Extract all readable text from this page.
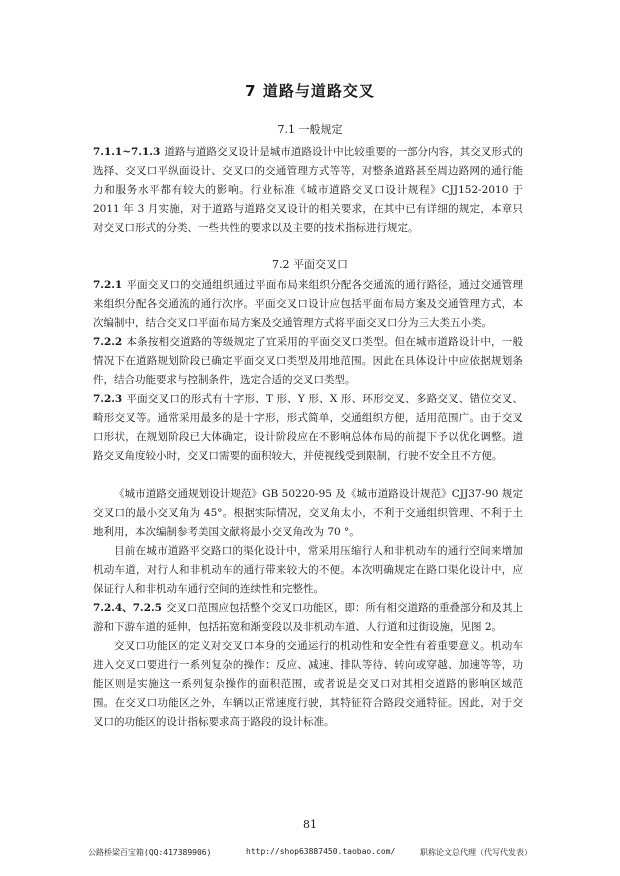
7 道路与道路交叉
7.1 一般规定

7.1.1~7.1.3 道路与道路交叉设计是城市道路设计中比较重要的一部分内容，其交叉形式的选择、交叉口平纵面设计、交叉口的交通管理方式等等，对整条道路甚至周边路网的通行能力和服务水平都有较大的影响。行业标准《城市道路交叉口设计规程》CJJ152-2010 于 2011 年 3 月实施，对于道路与道路交叉设计的相关要求，在其中已有详细的规定，本章只对交叉口形式的分类、一些共性的要求以及主要的技术指标进行规定。

7.2 平面交叉口

7.2.1 平面交叉口的交通组织通过平面布局来组织分配各交通流的通行路径，通过交通管理来组织分配各交通流的通行次序。平面交叉口设计应包括平面布局方案及交通管理方式，本次编制中，结合交叉口平面布局方案及交通管理方式将平面交叉口分为三大类五小类。

7.2.2 本条按相交道路的等级规定了宜采用的平面交叉口类型。但在城市道路设计中，一般情况下在道路规划阶段已确定平面交叉口类型及用地范围。因此在具体设计中应依据规划条件，结合功能要求与控制条件，选定合适的交叉口类型。

7.2.3 平面交叉口的形式有十字形、T 形、Y 形、X 形、环形交叉、多路交叉、错位交叉、畸形交叉等。通常采用最多的是十字形，形式简单，交通组织方便，适用范围广。由于交叉口形状，在规划阶段已大体确定，设计阶段应在不影响总体布局的前提下予以优化调整。道路交叉角度较小时，交叉口需要的面积较大，并使视线受到限制，行驶不安全且不方便。

《城市道路交通规划设计规范》GB 50220-95 及《城市道路设计规范》CJJ37-90 规定交叉口的最小交叉角为 45°。根据实际情况，交叉角太小，不利于交通组织管理、不利于土地利用，本次编制参考美国文献将最小交叉角改为 70 °。

目前在城市道路平交路口的渠化设计中，常采用压缩行人和非机动车的通行空间来增加机动车道，对行人和非机动车的通行带来较大的不便。本次明确规定在路口渠化设计中，应保证行人和非机动车通行空间的连续性和完整性。

7.2.4、7.2.5 交叉口范围应包括整个交叉口功能区，即：所有相交道路的重叠部分和及其上游和下游车道的延伸，包括拓宽和渐变段以及非机动车道、人行道和过街设施，见图 2。

交叉口功能区的定义对交叉口本身的交通运行的机动性和安全性有着重要意义。机动车进入交叉口要进行一系列复杂的操作：反应、减速、排队等待、转向或穿越、加速等等，功能区则是实施这一系列复杂操作的面积范围，或者说是交叉口对其相交道路的影响区域范围。在交叉口功能区之外，车辆以正常速度行驶，其特征符合路段交通特征。因此，对于交叉口的功能区的设计指标要求高于路段的设计标准。

81
公路桥梁百宝箱(QQ:417389906)	http://shop63887450.taobao.com/	职称论文总代理（代写代发表）
